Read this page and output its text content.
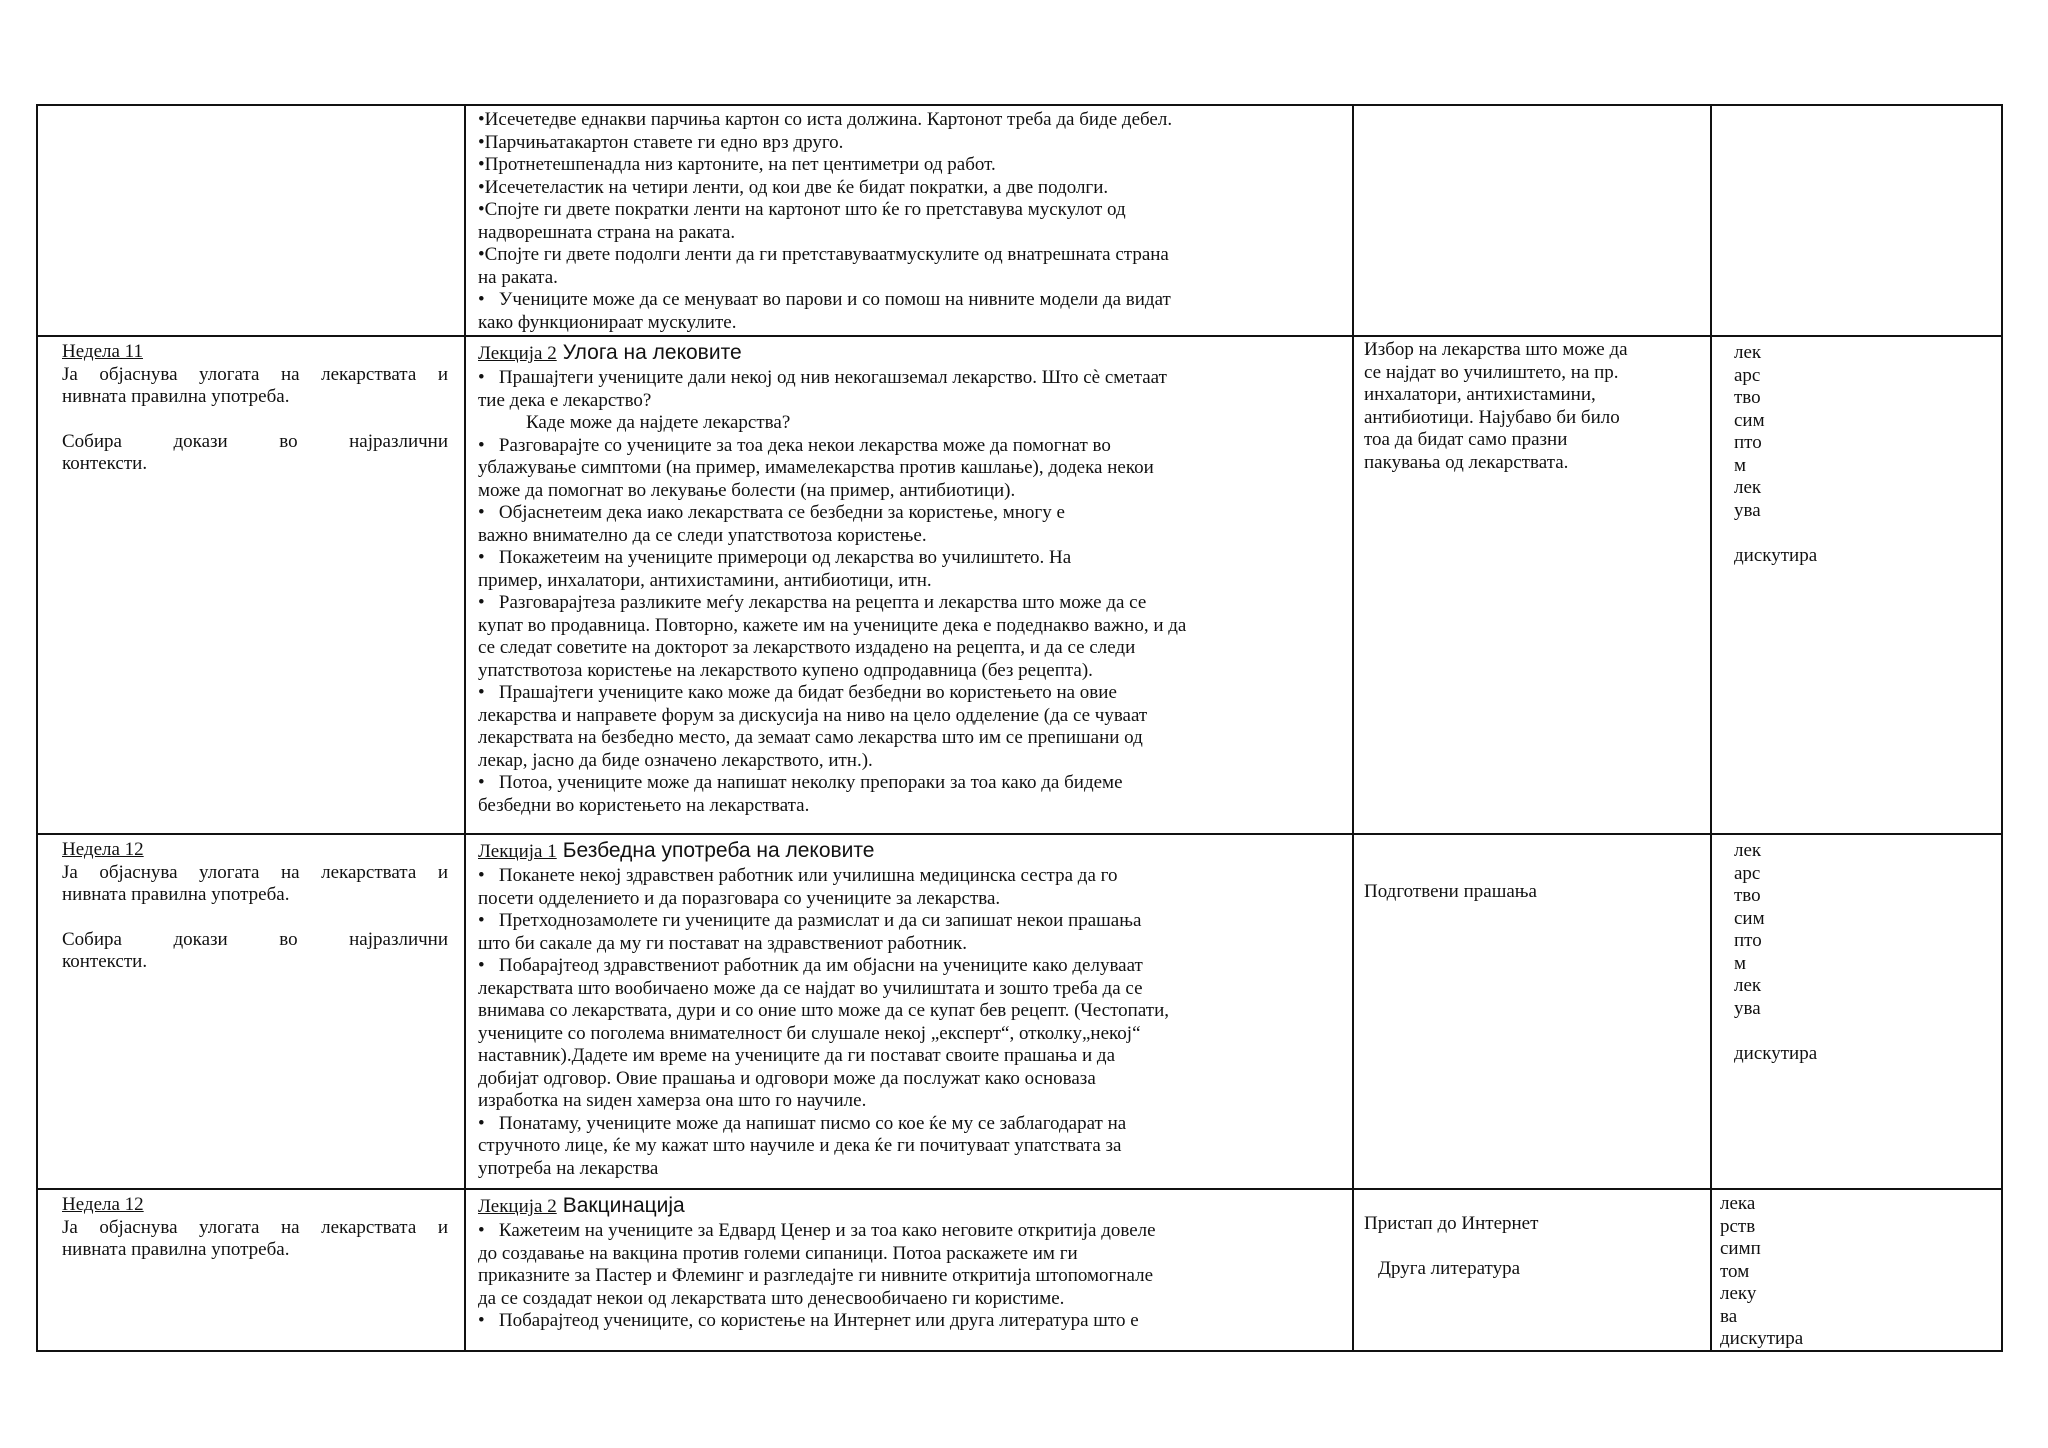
•Исечетедве еднакви парчиња картон со иста должина. Картонот треба да биде дебел.
•Парчињатакартон ставете ги едно врз друго.
•Протнетешпенадла низ картоните, на пет центиметри од работ.
•Исечетеластик на четири ленти, од кои две ќе бидат пократки, а две подолги.
•Спојте ги двете пократки ленти на картонот што ќе го претставува мускулот од
надворешната страна на раката.
•Спојте ги двете подолги ленти да ги претставуваатмускулите од внатрешната страна
на раката.
•   Учениците може да се менуваат во парови и со помош на нивните модели да видат
како функционираат мускулите.
Недела 11
Ја објаснува улогата на лекарствата и
нивната правилна употреба.
Собира докази во најразлични
контексти.
Лекција 2 Улога на лековите
•   Прашајтеги учениците дали некој од нив некогашземал лекарство. Што сè сметаат
тие дека е лекарство?
Каде може да најдете лекарства?
•   Разговарајте со учениците за тоа дека некои лекарства може да помогнат во
ублажување симптоми (на пример, имамелекарства против кашлање), додека некои
може да помогнат во лекување болести (на пример, антибиотици).
•   Објаснетеим дека иако лекарствата се безбедни за користење, многу е
важно внимателно да се следи упатствотоза користење.
•   Покажетеим на учениците примероци од лекарства во училиштето. На
пример, инхалатори, антихистамини, антибиотици, итн.
•   Разговарајтеза разликите меѓу лекарства на рецепта и лекарства што може да се
купат во продавница. Повторно, кажете им на учениците дека е подеднакво важно, и да
се следат советите на докторот за лекарството издадено на рецепта, и да се следи
упатствотоза користење на лекарството купено одпродавница (без рецепта).
•   Прашајтеги учениците како може да бидат безбедни во користењето на овие
лекарства и направете форум за дискусија на ниво на цело одделение (да се чуваат
лекарствата на безбедно место, да земаат само лекарства што им се препишани од
лекар, јасно да биде означено лекарството, итн.).
•   Потоа, учениците може да напишат неколку препораки за тоа како да бидеме
безбедни во користењето на лекарствата.
Избор на лекарства што може да
се најдат во училиштето, на пр.
инхалатори, антихистамини,
антибиотици. Најубаво би било
тоа да бидат само празни
пакувања од лекарствата.
лек
арс
тво
сим
пто
м
лек
ува
дискутира
Недела 12
Ја објаснува улогата на лекарствата и
нивната правилна употреба.
Собира докази во најразлични
контексти.
Лекција 1 Безбедна употреба на лековите
•   Поканете некој здравствен работник или училишна медицинска сестра да го
посети одделението и да поразговара со учениците за лекарства.
•   Претходнозамолете ги учениците да размислат и да си запишат некои прашања
што би сакале да му ги постават на здравствениот работник.
•   Побарајтеод здравствениот работник да им објасни на учениците како делуваат
лекарствата што вообичаено може да се најдат во училиштата и зошто треба да се
внимава со лекарствата, дури и со оние што може да се купат бев рецепт. (Честопати,
учениците со поголема внимателност би слушале некој „експерт“, отколку„некој“
наставник).Дадете им време на учениците да ги постават своите прашања и да
добијат одговор. Овие прашања и одговори може да послужат како основаза
изработка на ѕиден хамерза она што го научиле.
•   Понатаму, учениците може да напишат писмо со кое ќе му се заблагодарат на
стручното лице, ќе му кажат што научиле и дека ќе ги почитуваат упатствата за
употреба на лекарства
Подготвени прашања
лек
арс
тво
сим
пто
м
лек
ува
дискутира
Недела 12
Ја објаснува улогата на лекарствата и
нивната правилна употреба.
Лекција 2 Вакцинација
•   Кажетеим на учениците за Едвард Ценер и за тоа како неговите откритија довеле
до создавање на вакцина против големи сипаници. Потоа раскажете им ги
приказните за Пастер и Флеминг и разгледајте ги нивните откритија штопомогнале
да се создадат некои од лекарствата што денесвообичаено ги користиме.
•   Побарајтеод учениците, со користење на Интернет или друга литература што е
Пристап до Интернет
Друга литература
лека
рств
симп
том
леку
ва
дискутира
